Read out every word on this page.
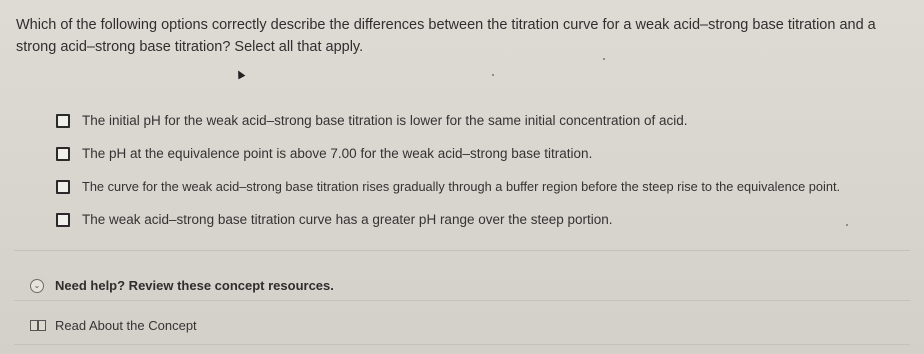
Which of the following options correctly describe the differences between the titration curve for a weak acid–strong base titration and a strong acid–strong base titration? Select all that apply.
The initial pH for the weak acid–strong base titration is lower for the same initial concentration of acid.
The pH at the equivalence point is above 7.00 for the weak acid–strong base titration.
The curve for the weak acid–strong base titration rises gradually through a buffer region before the steep rise to the equivalence point.
The weak acid–strong base titration curve has a greater pH range over the steep portion.
⌄ Need help? Review these concept resources.
Read About the Concept
